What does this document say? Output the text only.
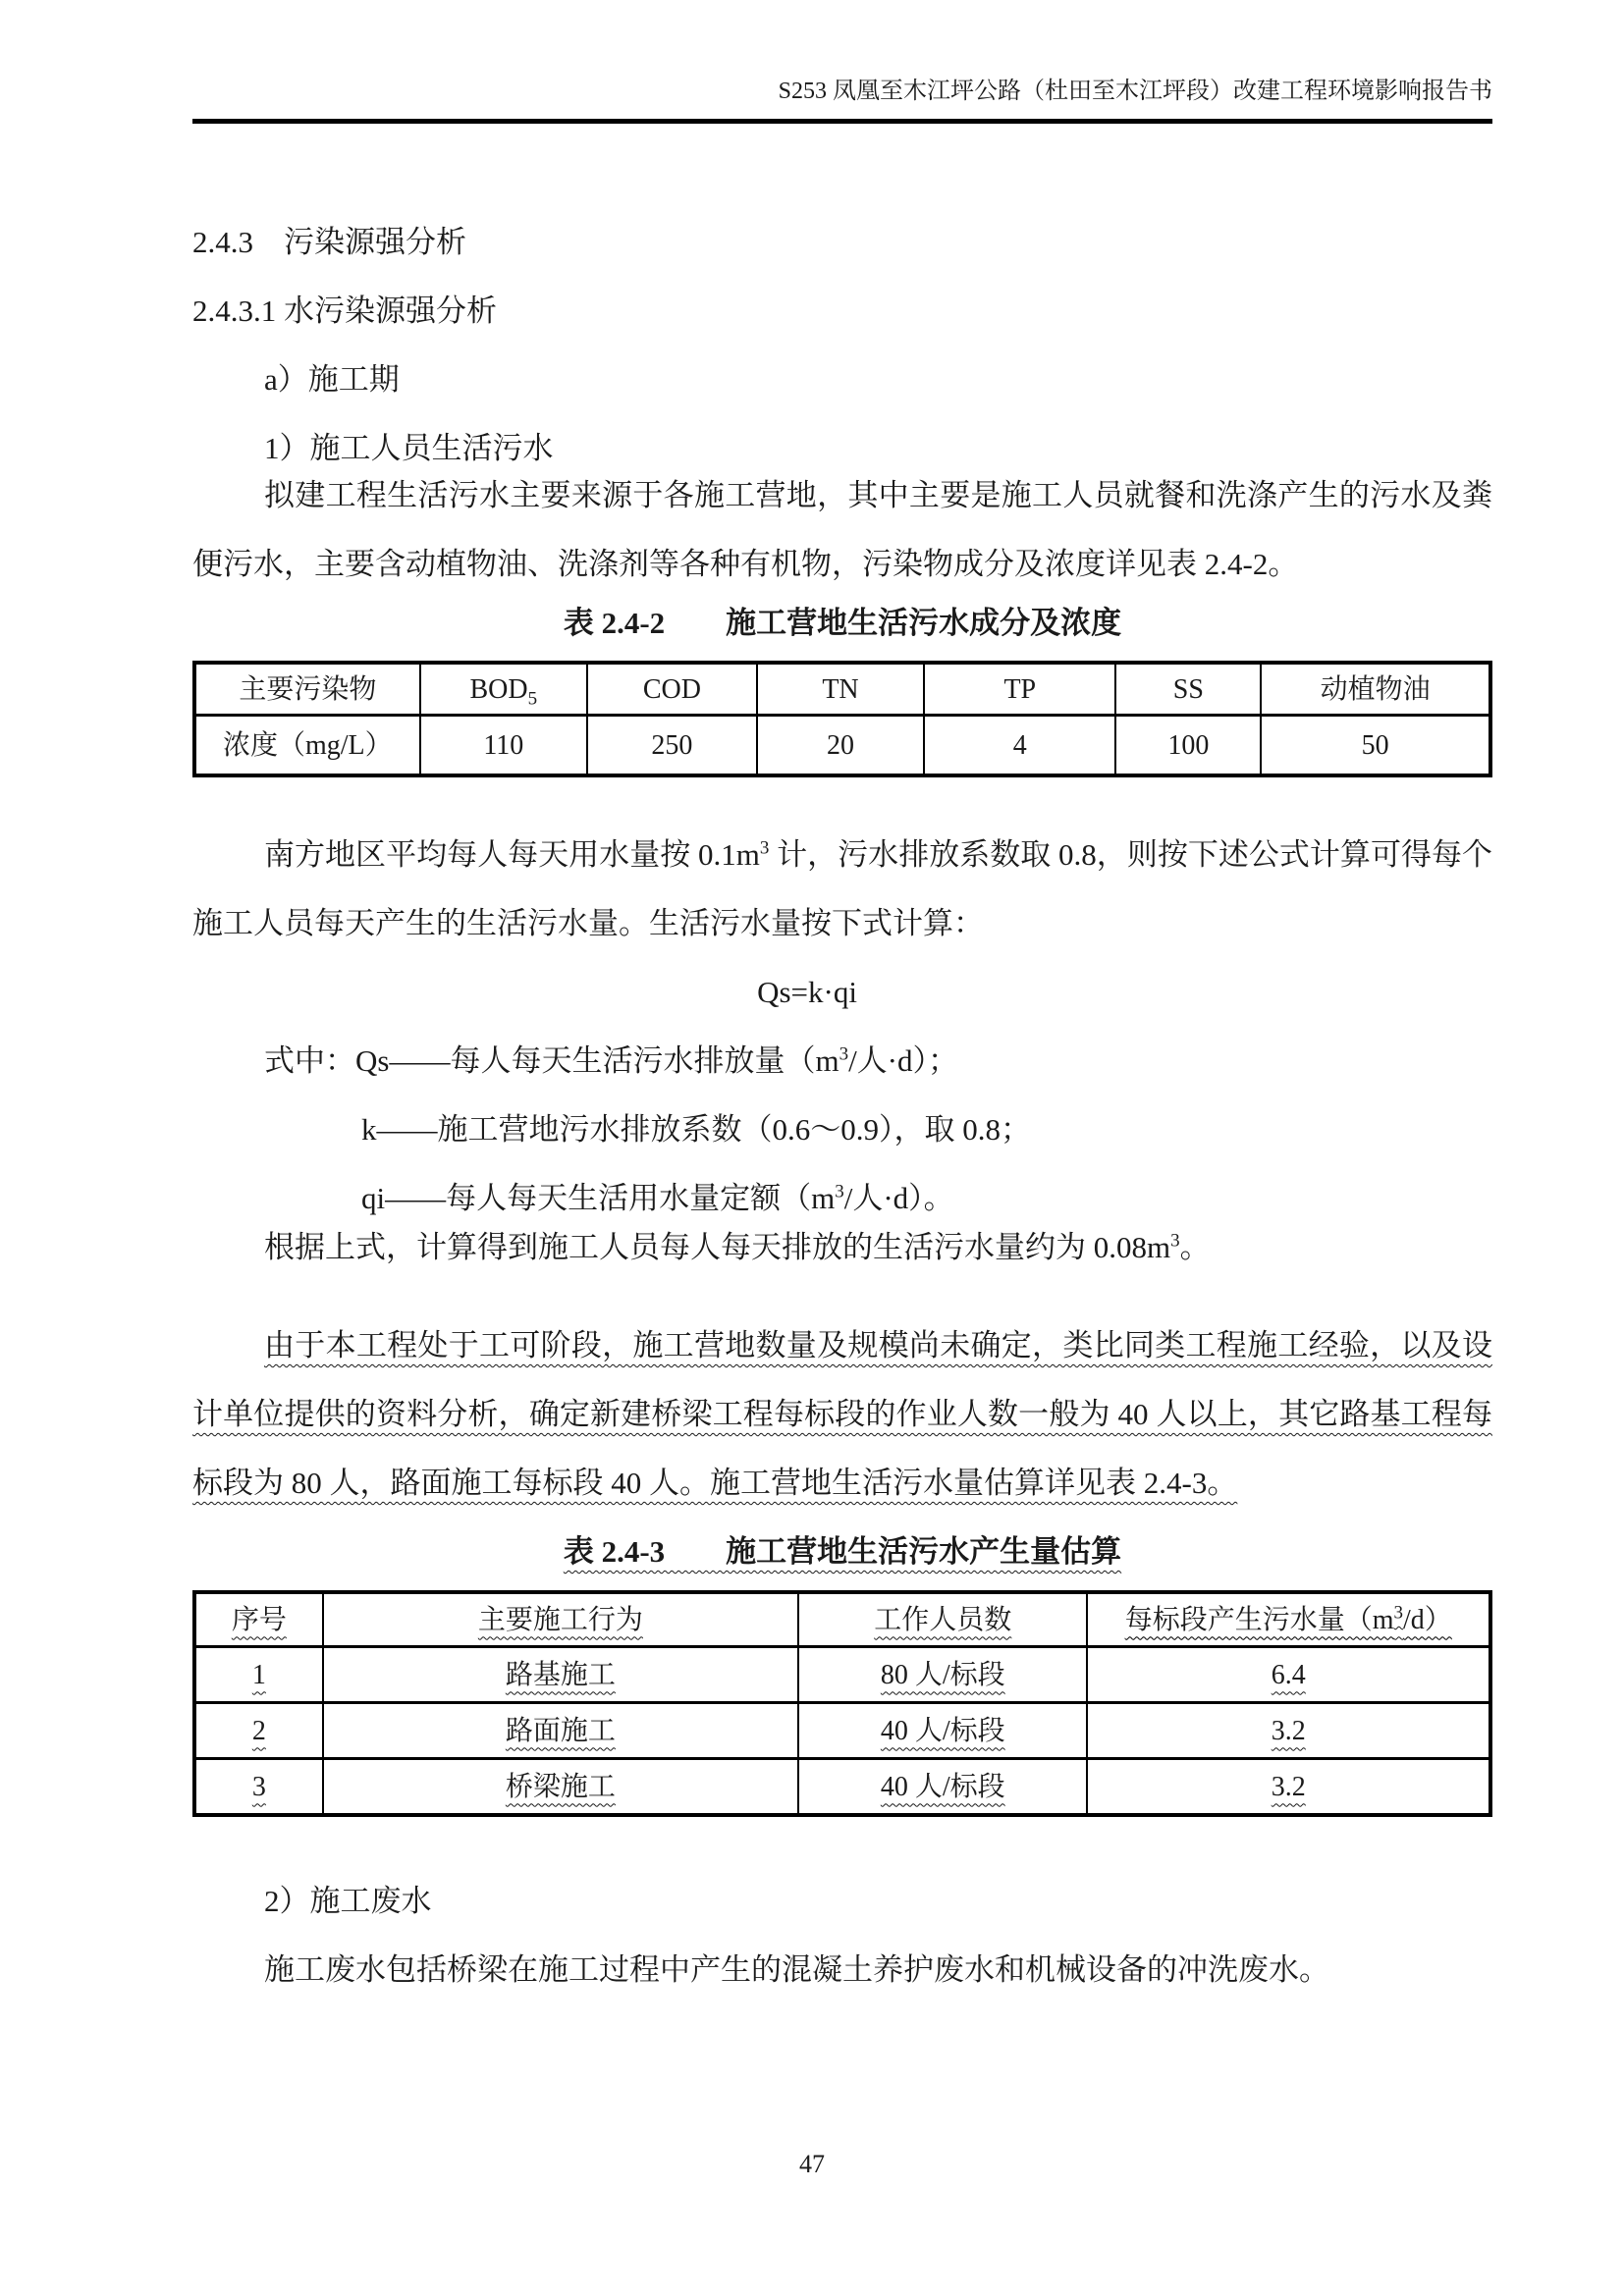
S253 凤凰至木江坪公路（杜田至木江坪段）改建工程环境影响报告书
2.4.3　污染源强分析
2.4.3.1 水污染源强分析

a）施工期

1）施工人员生活污水

拟建工程生活污水主要来源于各施工营地，其中主要是施工人员就餐和洗涤产生的污水及粪便污水，主要含动植物油、洗涤剂等各种有机物，污染物成分及浓度详见表 2.4-2。

表 2.4-2　　施工营地生活污水成分及浓度

主要污染物	$BOD_5$	COD	TN	TP	SS	动植物油
浓度（mg/L）	110	250	20	4	100	50

南方地区平均每人每天用水量按 $0.1m^3$ 计，污水排放系数取 0.8，则按下述公式计算可得每个施工人员每天产生的生活污水量。生活污水量按下式计算：

Qs=k·qi

式中：Qs——每人每天生活污水排放量（$m^3/$人·d）；

k——施工营地污水排放系数（0.6～0.9），取 0.8；

qi——每人每天生活用水量定额（$m^3/$人·d）。

根据上式，计算得到施工人员每人每天排放的生活污水量约为 $0.08m^3$。

由于本工程处于工可阶段，施工营地数量及规模尚未确定，类比同类工程施工经验，以及设计单位提供的资料分析，确定新建桥梁工程每标段的作业人数一般为 40 人以上，其它路基工程每标段为 80 人，路面施工每标段 40 人。施工营地生活污水量估算详见表 2.4-3。

表 2.4-3　　施工营地生活污水产生量估算

序号	主要施工行为	工作人员数	每标段产生污水量$(m^3/d)$
1	路基施工	80 人/标段	6.4
2	路面施工	40 人/标段	3.2
3	桥梁施工	40 人/标段	3.2

2）施工废水

施工废水包括桥梁在施工过程中产生的混凝土养护废水和机械设备的冲洗废水。

47
